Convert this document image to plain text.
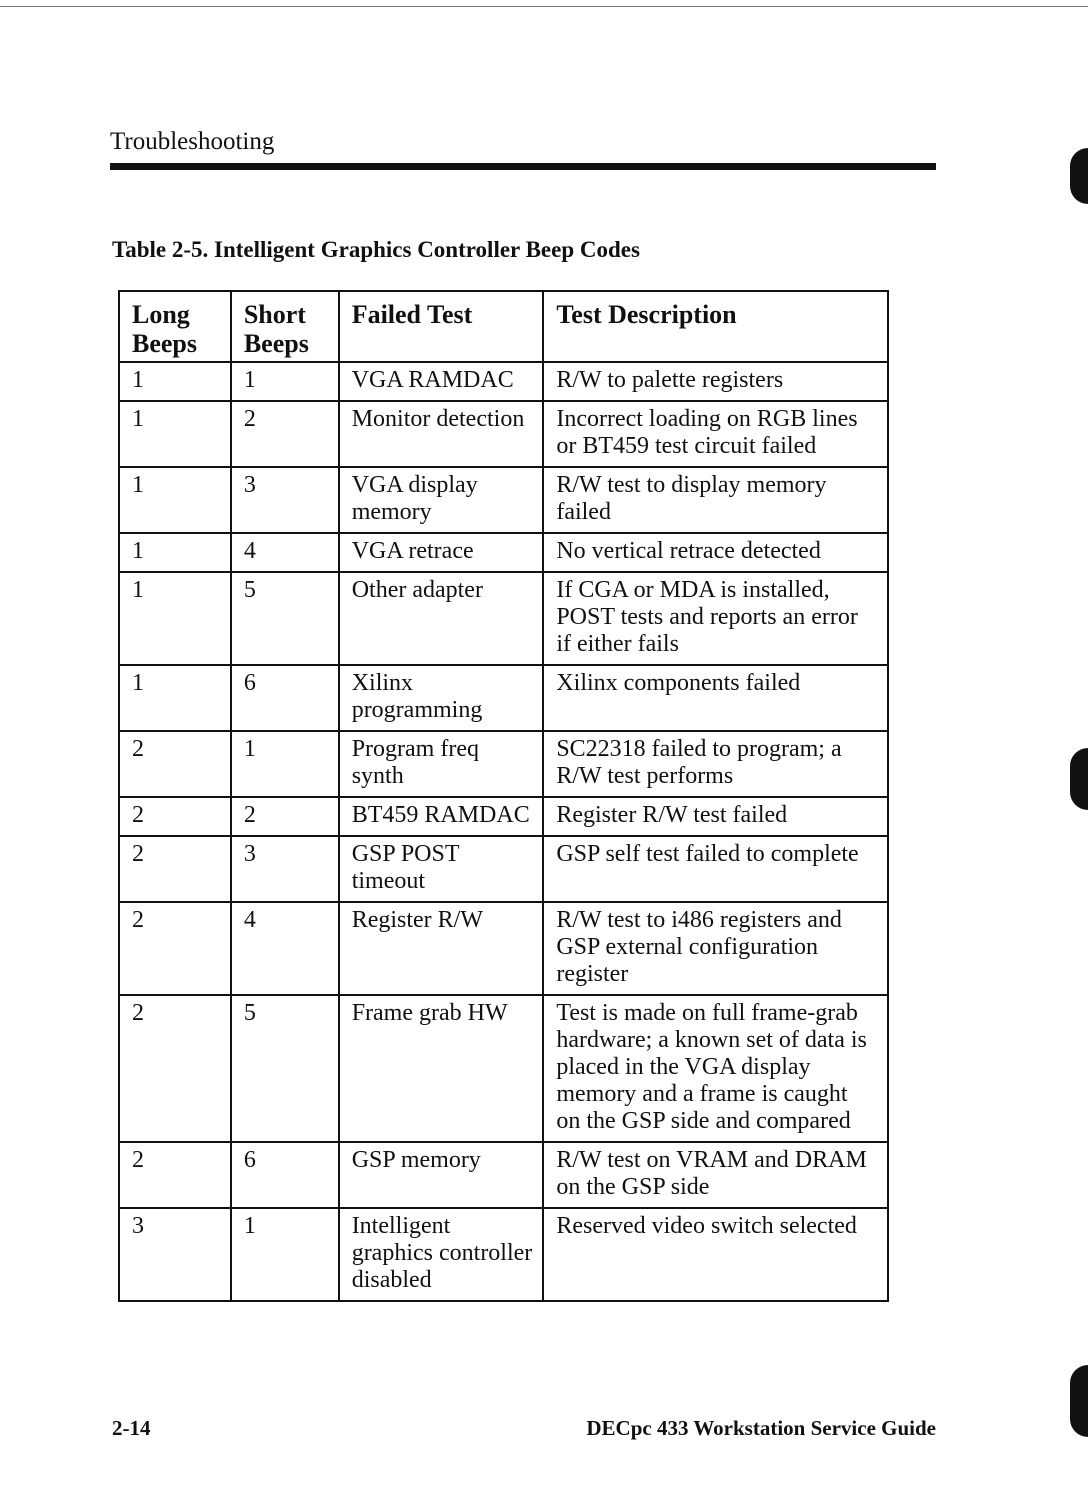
Troubleshooting
Table 2-5. Intelligent Graphics Controller Beep Codes
Long Beeps	Short Beeps	Failed Test	Test Description
1	1	VGA RAMDAC	R/W to palette registers
1	2	Monitor detection	Incorrect loading on RGB lines or BT459 test circuit failed
1	3	VGA display memory	R/W test to display memory failed
1	4	VGA retrace	No vertical retrace detected
1	5	Other adapter	If CGA or MDA is installed, POST tests and reports an error if either fails
1	6	Xilinx programming	Xilinx components failed
2	1	Program freq synth	SC22318 failed to program; a R/W test performs
2	2	BT459 RAMDAC	Register R/W test failed
2	3	GSP POST timeout	GSP self test failed to complete
2	4	Register R/W	R/W test to i486 registers and GSP external configuration register
2	5	Frame grab HW	Test is made on full frame-grab hardware; a known set of data is placed in the VGA display memory and a frame is caught on the GSP side and compared
2	6	GSP memory	R/W test on VRAM and DRAM on the GSP side
3	1	Intelligent graphics controller disabled	Reserved video switch selected
2-14	DECpc 433 Workstation Service Guide
